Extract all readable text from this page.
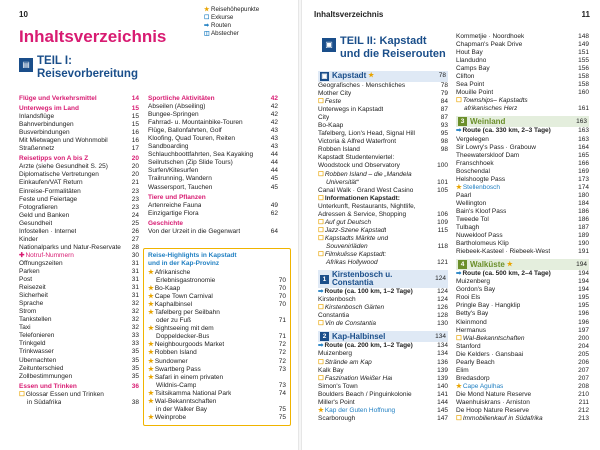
10
★Reisehöhepunkte
☐Exkurse
➡ Routen
◫Abstecher
Inhaltsverzeichnis
▤ TEIL I:
Reisevorbereitung
Flüge und Verkehrsmittel	14
Unterwegs im Land	15
Inlandsflüge	15
Bahnverbindungen	15
Busverbindungen	16
Mit Mietwagen und Wohnmobil	16
Straßennetz	17
Reisetipps von A bis Z	20
Ärzte (siehe Gesundheit S. 25)	20
Diplomatische Vertretungen	20
Einkaufen/VAT Return	21
Einreise-Formalitäten	23
Feste und Feiertage	23
Fotografieren	23
Geld und Banken	24
Gesundheit	25
Infostellen · Internet	26
Kinder	27
Nationalparks und Natur-Reservate	28
✚Notruf-Nummern	30
Öffnungszeiten	31
Parken	31
Post	31
Reisezeit	31
Sicherheit	31
Sprache	32
Strom	32
Tankstellen	32
Taxi	32
Telefonieren	33
Trinkgeld	33
Trinkwasser	35
Übernachten	35
Zeitunterschied	35
Zollbestimmungen	35
Essen und Trinken	36
☐Glossar Essen und Trinken
in Südafrika	38
Sportliche Aktivitäten	42
Abseilen (Abseiling)	42
Bungee-Springen	42
Fahrrad- u. Mountainbike-Touren	42
Flüge, Ballonfahrten, Golf	43
Kloofing, Quad Touren, Reiten	43
Sandboarding	43
Schlauchboottfahrten, Sea Kayaking	44
Seilrutschen (Zip Slide Tours)	44
Surfen/Kitesurfen	44
Trailrunning, Wandern	45
Wassersport, Tauchen	45
Tiere und Pflanzen
Artenreiche Fauna	49
Einzigartige Flora	62
Geschichte
Von der Urzeit in die Gegenwart	64
Reise-Highlights in Kapstadt
und in der Kap-Provinz
★Afrikanische
Erlebnisgastronomie	70
★Bo-Kaap	70
★Cape Town Carnival	70
★Kaphalbinsel	70
★Tafelberg per Seilbahn
oder zu Fuß	71
★Sightseeing mit dem
Doppeldecker-Bus	71
★Neighbourgoods Market	72
★Robben Island	72
★Sundowner	72
★Swartberg Pass	73
★Safari in einem privaten
Wildnis-Camp	73
★Tsitsikamma National Park	74
★Wal-Bekanntschaften
in der Walker Bay	75
★Weinprobe	75
Inhaltsverzeichnis	11
▣ TEIL II: Kapstadt
und die Reiserouten
▣ Kapstadt ★	78
Geografisches · Menschliches	78
Mother City	79
☐Feste	84
Unterwegs in Kapstadt	87
City	87
Bo-Kaap	93
Tafelberg, Lion's Head, Signal Hill	95
Victoria & Alfred Waterfront	98
Robben Island	98
Kapstadt Studentenviertel:
Woodstock und Observatory	100
☐Robben Island – die „Mandela
Universität“	101
Canal Walk · Grand West Casino	105
☐Informationen Kapstadt:
Unterkunft, Restaurants, Nightlife,
Adressen & Service, Shopping	106
☐Auf gut Deutsch	109
☐Jazz-Szene Kapstadt	115
☐Kapstadts Märkte und
Souvenirläden	118
☐Filmkulisse Kapstadt:
Afrikas Hollywood	121
1
Kirstenbosch u. Constantia	124
➡Route (ca. 100 km, 1–2 Tage)	124
Kirstenbosch	124
☐Kirstenbosch Gärten	126
Constantia	128
☐Vin de Constantia	130
2 Kap-Halbinsel	134
➡Route (ca. 200 km, 1–2 Tage)	134
Muizenberg	134
☐Strände am Kap	136
Kalk Bay	139
☐Faszination Weißer Hai	139
Simon's Town	140
Boulders Beach / Pinguinkolonie	141
Miller's Point	144
★Kap der Guten Hoffnung	145
Scarborough	147
Kommetjie · Noordhoek	148
Chapman's Peak Drive	149
Hout Bay	151
Llandudno	155
Camps Bay	156
Clifton	158
Sea Point	158
Mouille Point	160
☐Townships– Kapstadts
afrikanisches Herz	161
3 Weinland	163
➡Route (ca. 330 km, 2–3 Tage)	163
Vergelegen	163
Sir Lowry's Pass · Grabouw	164
Theewaterskloof Dam	165
Franschhoek	166
Boschendal	169
Helshoogte Pass	173
★Stellenbosch	174
Paarl	180
Wellington	184
Bain's Kloof Pass	186
Tweede Tol	186
Tulbagh	187
Nuwekloof Pass	189
Bartholomeus Klip	190
Riebeek-Kasteel · Riebeek-West	191
4 Walküste ★	194
➡Route (ca. 500 km, 2–4 Tage)	194
Muizenberg	194
Gordon's Bay	194
Rooi Els	195
Pringle Bay · Hangklip	195
Betty's Bay	196
Kleinmond	196
Hermanus	197
☐Wal-Bekanntschaften	200
Stanford	204
Die Kelders · Gansbaai	205
Pearly Beach	206
Elim	207
Bredasdorp	207
★Cape Agulhas	208
Die Mond Nature Reserve	210
Waenhuiskrans · Arniston	211
De Hoop Nature Reserve	212
☐Immobilienkauf in Südafrika	213
